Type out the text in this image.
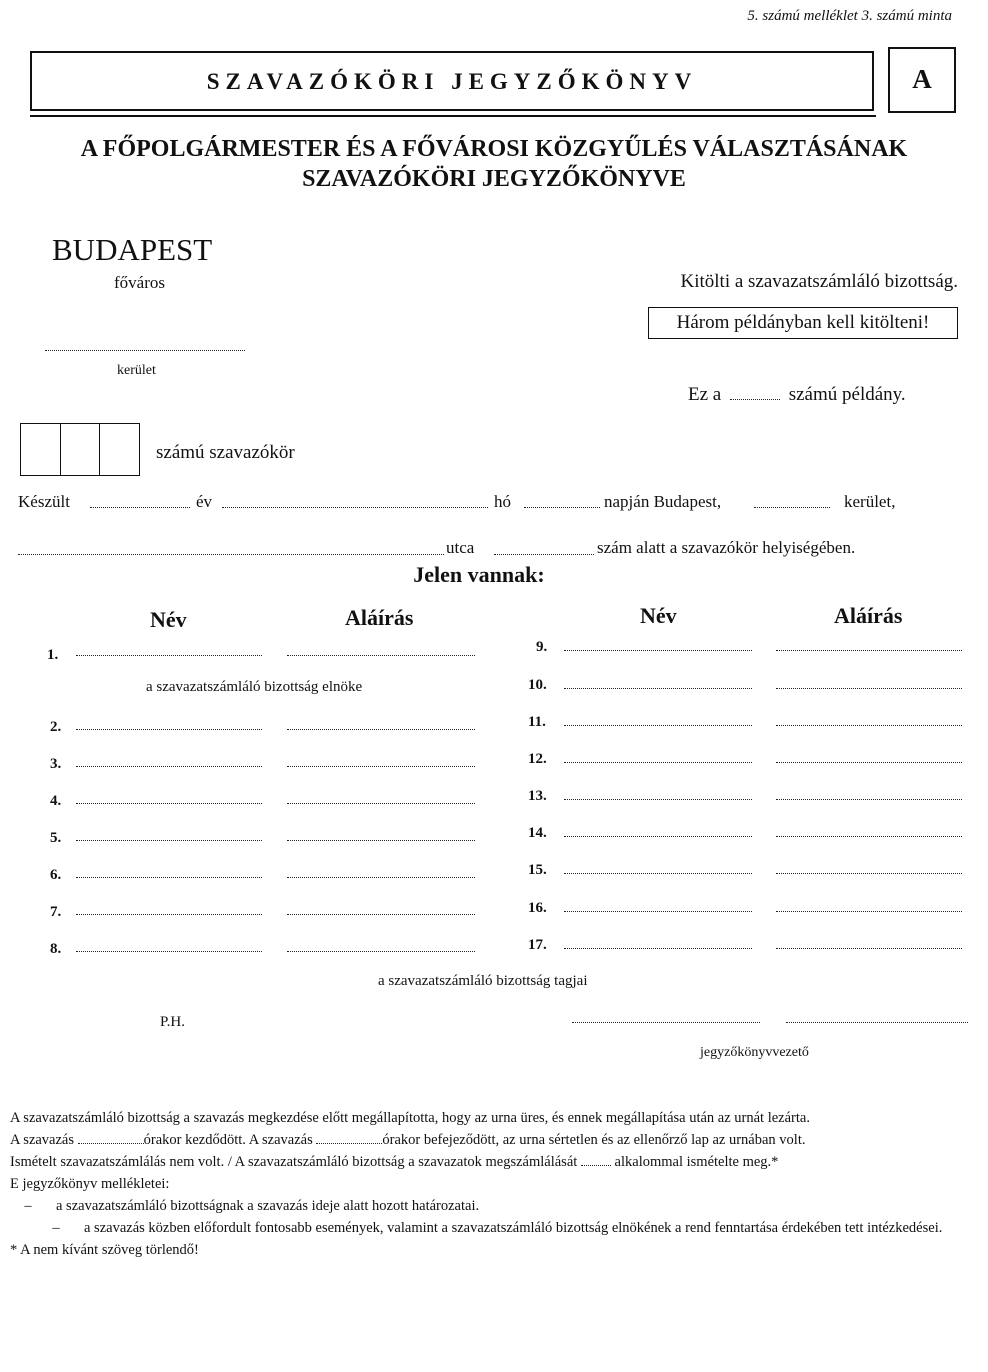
5. számú melléklet 3. számú minta
SZAVAZÓKÖRI JEGYZŐKÖNYV	A
A FŐPOLGÁRMESTER ÉS A FŐVÁROSI KÖZGYŰLÉS VÁLASZTÁSÁNAK
SZAVAZÓKÖRI JEGYZŐKÖNYVE
BUDAPEST
főváros	Kitölti a szavazatszámláló bizottság.
Három példányban kell kitölteni!
kerület
Ez a	számú példány.
számú szavazókör
Készült	év	hó	napján Budapest,	kerület,
utca	szám alatt a szavazókör helyiségében.
Jelen vannak:
Név	Aláírás	Név	Aláírás
1.
a szavazatszámláló bizottság elnöke
2.
3.
4.
5.
6.
7.
8.
9.
10.
11.
12.
13.
14.
15.
16.
17.
a szavazatszámláló bizottság tagjai
P.H.
jegyzőkönyvvezető

A szavazatszámláló bizottság a szavazás megkezdése előtt megállapította, hogy az urna üres, és ennek megállapítása után az urnát lezárta.

A szavazás	órakor kezdődött. A szavazás	órakor befejeződött, az urna sértetlen és az ellenőrző lap az urnában volt.

Ismételt szavazatszámlálás nem volt. / A szavazatszámláló bizottság a szavazatok megszámlálását	alkalommal ismételte meg.*

E jegyzőkönyv mellékletei:

– a szavazatszámláló bizottságnak a szavazás ideje alatt hozott határozatai.

– a szavazás közben előfordult fontosabb események, valamint a szavazatszámláló bizottság elnökének a rend fenntartása érdekében tett intézkedései.

* A nem kívánt szöveg törlendő!
